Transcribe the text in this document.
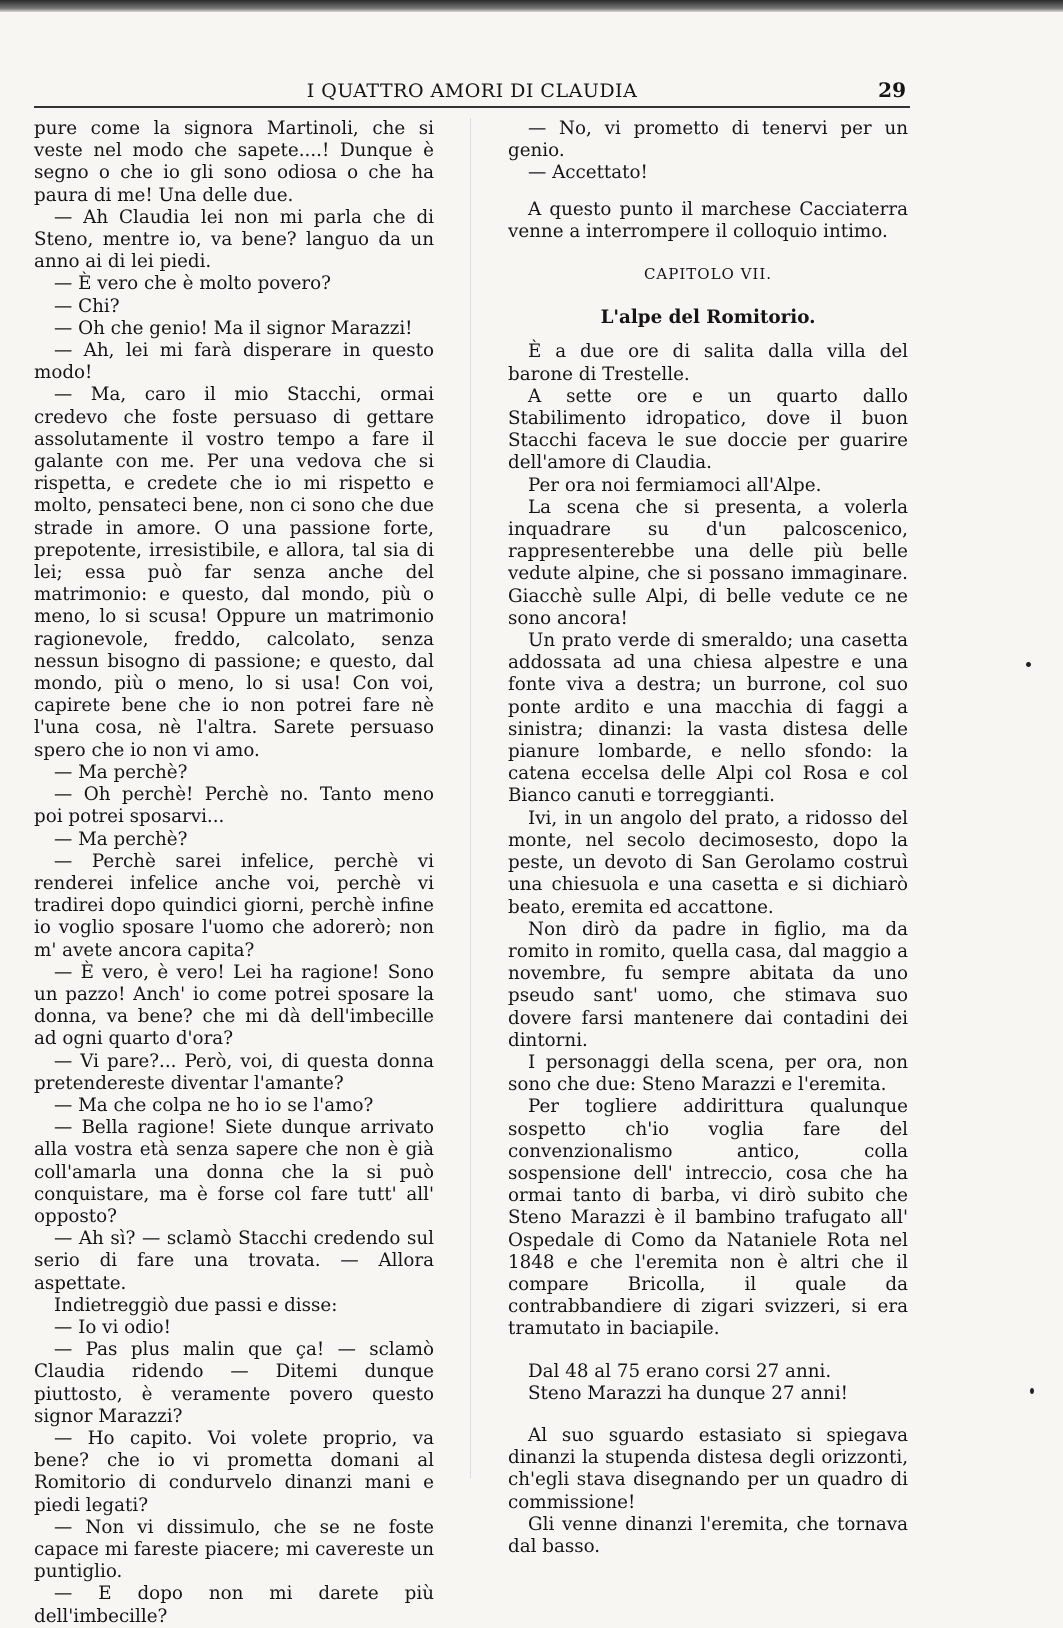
I QUATTRO AMORI DI CLAUDIA	29

pure come la signora Martinoli, che si veste nel modo che sapete....! Dunque è segno o che io gli sono odiosa o che ha paura di me! Una delle due.

— Ah Claudia lei non mi parla che di Steno, mentre io, va bene? languo da un anno ai di lei piedi.

— È vero che è molto povero?

— Chi?

— Oh che genio! Ma il signor Marazzi!

— Ah, lei mi farà disperare in questo modo!

— Ma, caro il mio Stacchi, ormai credevo che foste persuaso di gettare assolutamente il vostro tempo a fare il galante con me. Per una vedova che si rispetta, e credete che io mi rispetto e molto, pensateci bene, non ci sono che due strade in amore. O una passione forte, prepotente, irresistibile, e allora, tal sia di lei; essa può far senza anche del matrimonio: e questo, dal mondo, più o meno, lo si scusa! Oppure un matrimonio ragionevole, freddo, calcolato, senza nessun bisogno di passione; e questo, dal mondo, più o meno, lo si usa! Con voi, capirete bene che io non potrei fare nè l'una cosa, nè l'altra. Sarete persuaso spero che io non vi amo.

— Ma perchè?

— Oh perchè! Perchè no. Tanto meno poi potrei sposarvi...

— Ma perchè?

— Perchè sarei infelice, perchè vi renderei infelice anche voi, perchè vi tradirei dopo quindici giorni, perchè infine io voglio sposare l'uomo che adorerò; non m' avete ancora capita?

— È vero, è vero! Lei ha ragione! Sono un pazzo! Anch' io come potrei sposare la donna, va bene? che mi dà dell'imbecille ad ogni quarto d'ora?

— Vi pare?... Però, voi, di questa donna pretendereste diventar l'amante?

— Ma che colpa ne ho io se l'amo?

— Bella ragione! Siete dunque arrivato alla vostra età senza sapere che non è già coll'amarla una donna che la si può conquistare, ma è forse col fare tutt' all' opposto?

— Ah sì? — sclamò Stacchi credendo sul serio di fare una trovata. — Allora aspettate.

Indietreggiò due passi e disse:

— Io vi odio!

— Pas plus malin que ça! — sclamò Claudia ridendo — Ditemi dunque piuttosto, è veramente povero questo signor Marazzi?

— Ho capito. Voi volete proprio, va bene? che io vi prometta domani al Romitorio di condurvelo dinanzi mani e piedi legati?

— Non vi dissimulo, che se ne foste capace mi fareste piacere; mi cavereste un puntiglio.

— E dopo non mi darete più dell'imbecille?

— No, vi prometto di tenervi per un genio.

— Accettato!

A questo punto il marchese Cacciaterra venne a interrompere il colloquio intimo.

CAPITOLO VII.

L'alpe del Romitorio.

È a due ore di salita dalla villa del barone di Trestelle.

A sette ore e un quarto dallo Stabilimento idropatico, dove il buon Stacchi faceva le sue doccie per guarire dell'amore di Claudia.

Per ora noi fermiamoci all'Alpe.

La scena che si presenta, a volerla inquadrare su d'un palcoscenico, rappresenterebbe una delle più belle vedute alpine, che si possano immaginare. Giacchè sulle Alpi, di belle vedute ce ne sono ancora!

Un prato verde di smeraldo; una casetta addossata ad una chiesa alpestre e una fonte viva a destra; un burrone, col suo ponte ardito e una macchia di faggi a sinistra; dinanzi: la vasta distesa delle pianure lombarde, e nello sfondo: la catena eccelsa delle Alpi col Rosa e col Bianco canuti e torreggianti.

Ivi, in un angolo del prato, a ridosso del monte, nel secolo decimosesto, dopo la peste, un devoto di San Gerolamo costruì una chiesuola e una casetta e si dichiarò beato, eremita ed accattone.

Non dirò da padre in figlio, ma da romito in romito, quella casa, dal maggio a novembre, fu sempre abitata da uno pseudo sant' uomo, che stimava suo dovere farsi mantenere dai contadini dei dintorni.

I personaggi della scena, per ora, non sono che due: Steno Marazzi e l'eremita.

Per togliere addirittura qualunque sospetto ch'io voglia fare del convenzionalismo antico, colla sospensione dell' intreccio, cosa che ha ormai tanto di barba, vi dirò subito che Steno Marazzi è il bambino trafugato all' Ospedale di Como da Nataniele Rota nel 1848 e che l'eremita non è altri che il compare Bricolla, il quale da contrabbandiere di zigari svizzeri, si era tramutato in baciapile.

Dal 48 al 75 erano corsi 27 anni.

Steno Marazzi ha dunque 27 anni!

Al suo sguardo estasiato si spiegava dinanzi la stupenda distesa degli orizzonti, ch'egli stava disegnando per un quadro di commissione!

Gli venne dinanzi l'eremita, che tornava dal basso.
